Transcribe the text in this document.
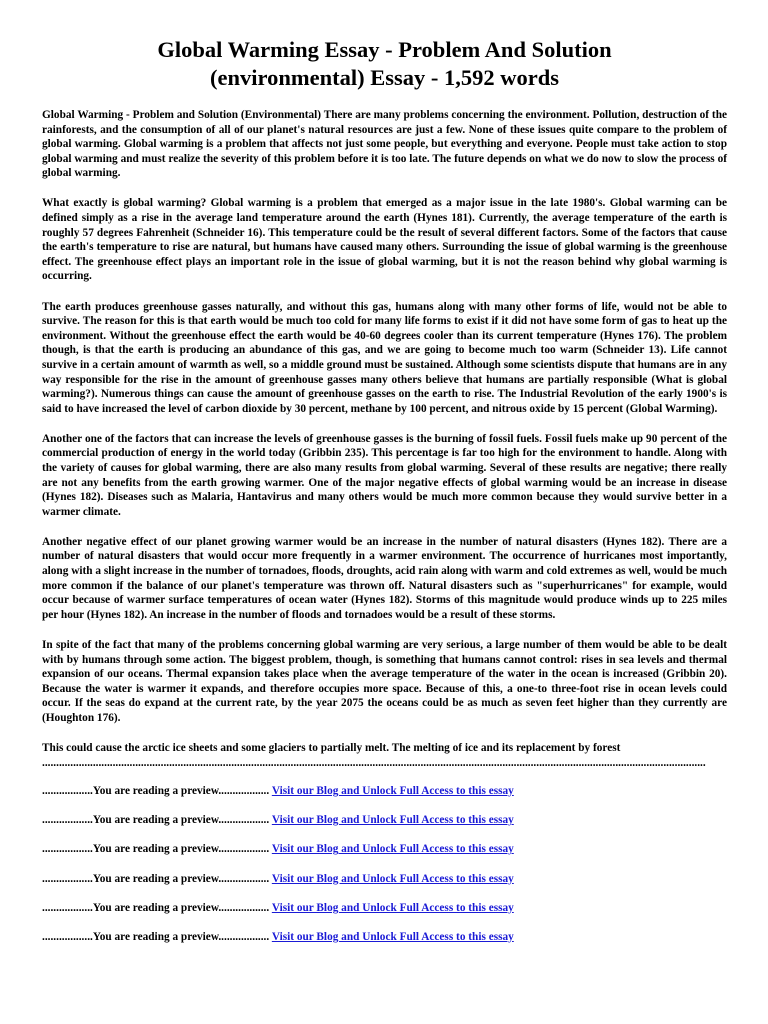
Global Warming Essay - Problem And Solution
(environmental) Essay - 1,592 words

Global Warming - Problem and Solution (Environmental) There are many problems concerning the environment. Pollution, destruction of the rainforests, and the consumption of all of our planet's natural resources are just a few. None of these issues quite compare to the problem of global warming. Global warming is a problem that affects not just some people, but everything and everyone. People must take action to stop global warming and must realize the severity of this problem before it is too late. The future depends on what we do now to slow the process of global warming.

What exactly is global warming? Global warming is a problem that emerged as a major issue in the late 1980's. Global warming can be defined simply as a rise in the average land temperature around the earth (Hynes 181). Currently, the average temperature of the earth is roughly 57 degrees Fahrenheit (Schneider 16). This temperature could be the result of several different factors. Some of the factors that cause the earth's temperature to rise are natural, but humans have caused many others. Surrounding the issue of global warming is the greenhouse effect. The greenhouse effect plays an important role in the issue of global warming, but it is not the reason behind why global warming is occurring.

The earth produces greenhouse gasses naturally, and without this gas, humans along with many other forms of life, would not be able to survive. The reason for this is that earth would be much too cold for many life forms to exist if it did not have some form of gas to heat up the environment. Without the greenhouse effect the earth would be 40-60 degrees cooler than its current temperature (Hynes 176). The problem though, is that the earth is producing an abundance of this gas, and we are going to become much too warm (Schneider 13). Life cannot survive in a certain amount of warmth as well, so a middle ground must be sustained. Although some scientists dispute that humans are in any way responsible for the rise in the amount of greenhouse gasses many others believe that humans are partially responsible (What is global warming?). Numerous things can cause the amount of greenhouse gasses on the earth to rise. The Industrial Revolution of the early 1900's is said to have increased the level of carbon dioxide by 30 percent, methane by 100 percent, and nitrous oxide by 15 percent (Global Warming).

Another one of the factors that can increase the levels of greenhouse gasses is the burning of fossil fuels. Fossil fuels make up 90 percent of the commercial production of energy in the world today (Gribbin 235). This percentage is far too high for the environment to handle. Along with the variety of causes for global warming, there are also many results from global warming. Several of these results are negative; there really are not any benefits from the earth growing warmer. One of the major negative effects of global warming would be an increase in disease (Hynes 182). Diseases such as Malaria, Hantavirus and many others would be much more common because they would survive better in a warmer climate.

Another negative effect of our planet growing warmer would be an increase in the number of natural disasters (Hynes 182). There are a number of natural disasters that would occur more frequently in a warmer environment. The occurrence of hurricanes most importantly, along with a slight increase in the number of tornadoes, floods, droughts, acid rain along with warm and cold extremes as well, would be much more common if the balance of our planet's temperature was thrown off. Natural disasters such as "superhurricanes" for example, would occur because of warmer surface temperatures of ocean water (Hynes 182). Storms of this magnitude would produce winds up to 225 miles per hour (Hynes 182). An increase in the number of floods and tornadoes would be a result of these storms.

In spite of the fact that many of the problems concerning global warming are very serious, a large number of them would be able to be dealt with by humans through some action. The biggest problem, though, is something that humans cannot control: rises in sea levels and thermal expansion of our oceans. Thermal expansion takes place when the average temperature of the water in the ocean is increased (Gribbin 20). Because the water is warmer it expands, and therefore occupies more space. Because of this, a one-to three-foot rise in ocean levels could occur. If the seas do expand at the current rate, by the year 2075 the oceans could be as much as seven feet higher than they currently are (Houghton 176).

This could cause the arctic ice sheets and some glaciers to partially melt. The melting of ice and its replacement by forest

...........................................................................................................................................................................................................................................
..................You are reading a preview.................. Visit our Blog and Unlock Full Access to this essay
..................You are reading a preview.................. Visit our Blog and Unlock Full Access to this essay
..................You are reading a preview.................. Visit our Blog and Unlock Full Access to this essay
..................You are reading a preview.................. Visit our Blog and Unlock Full Access to this essay
..................You are reading a preview.................. Visit our Blog and Unlock Full Access to this essay
..................You are reading a preview.................. Visit our Blog and Unlock Full Access to this essay
